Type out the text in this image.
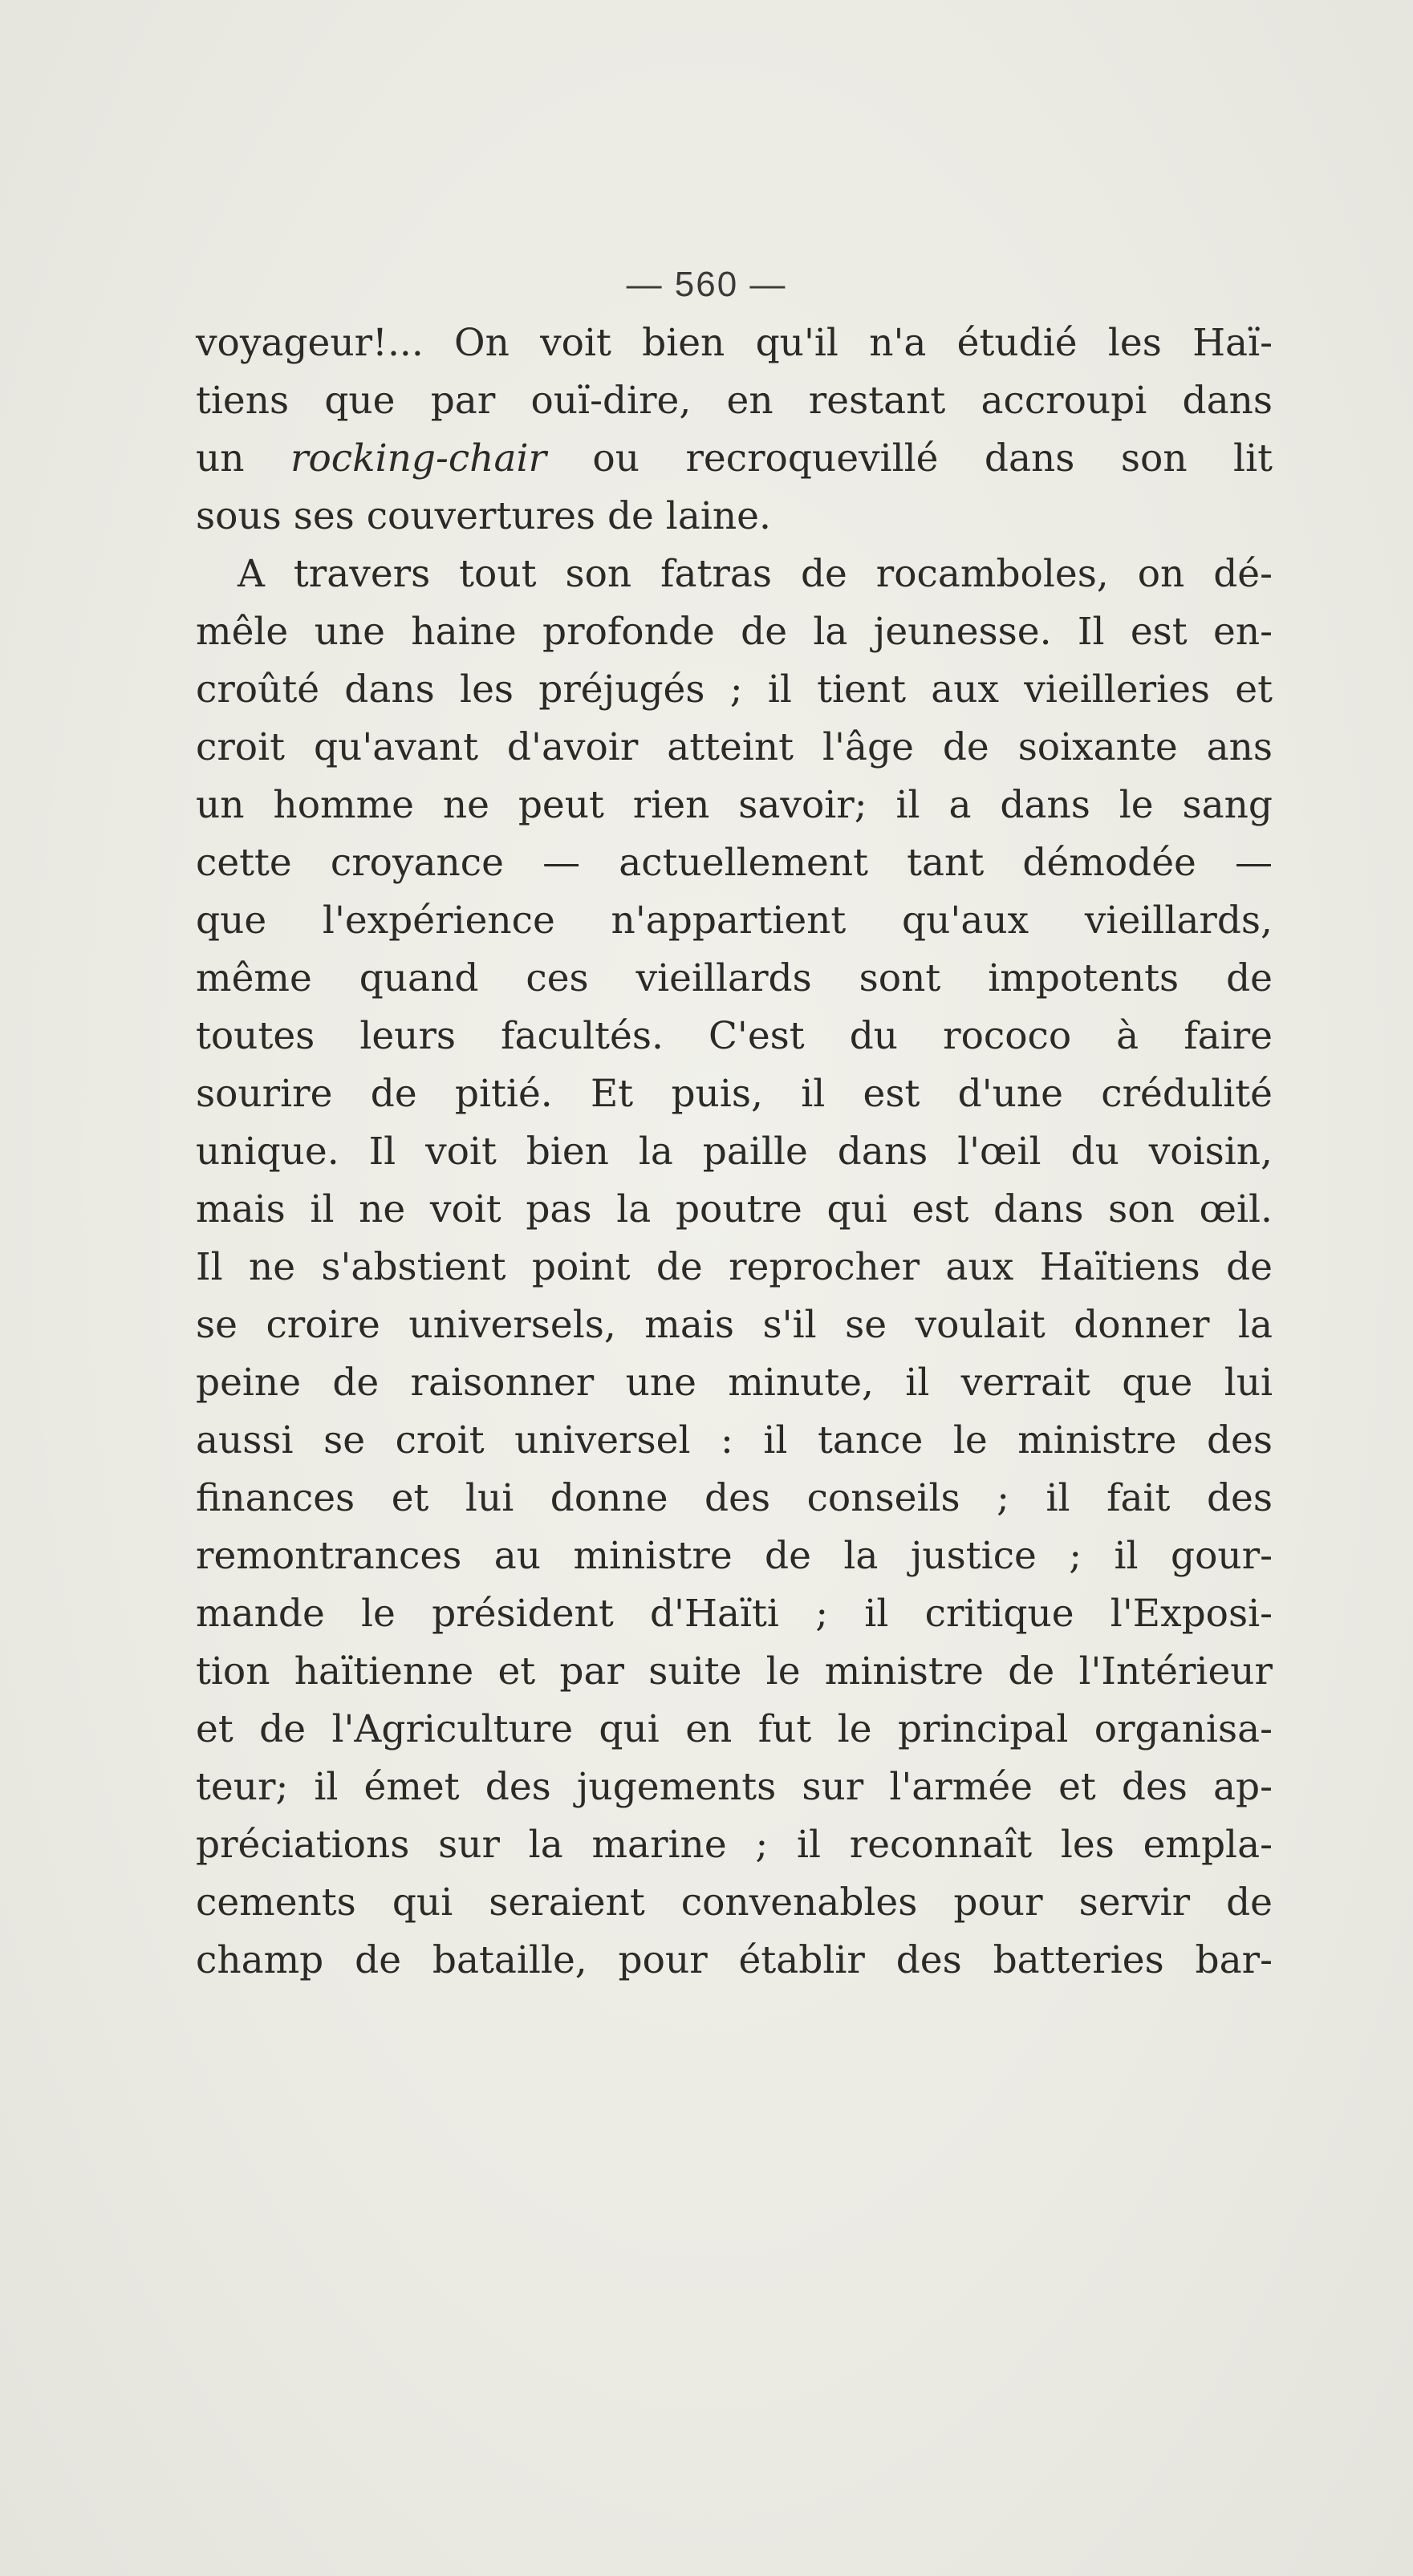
— 560 —
voyageur!... On voit bien qu'il n'a étudié les Haï-
tiens que par ouï-dire, en restant accroupi dans
un rocking-chair ou recroquevillé dans son lit
sous ses couvertures de laine.
A travers tout son fatras de rocamboles, on dé-
mêle une haine profonde de la jeunesse. Il est en-
croûté dans les préjugés ; il tient aux vieilleries et
croit qu'avant d'avoir atteint l'âge de soixante ans
un homme ne peut rien savoir; il a dans le sang
cette croyance — actuellement tant démodée —
que l'expérience n'appartient qu'aux vieillards,
même quand ces vieillards sont impotents de
toutes leurs facultés. C'est du rococo à faire
sourire de pitié. Et puis, il est d'une crédulité
unique. Il voit bien la paille dans l'œil du voisin,
mais il ne voit pas la poutre qui est dans son œil.
Il ne s'abstient point de reprocher aux Haïtiens de
se croire universels, mais s'il se voulait donner la
peine de raisonner une minute, il verrait que lui
aussi se croit universel : il tance le ministre des
finances et lui donne des conseils ; il fait des
remontrances au ministre de la justice ; il gour-
mande le président d'Haïti ; il critique l'Exposi-
tion haïtienne et par suite le ministre de l'Intérieur
et de l'Agriculture qui en fut le principal organisa-
teur; il émet des jugements sur l'armée et des ap-
préciations sur la marine ; il reconnaît les empla-
cements qui seraient convenables pour servir de
champ de bataille, pour établir des batteries bar-
